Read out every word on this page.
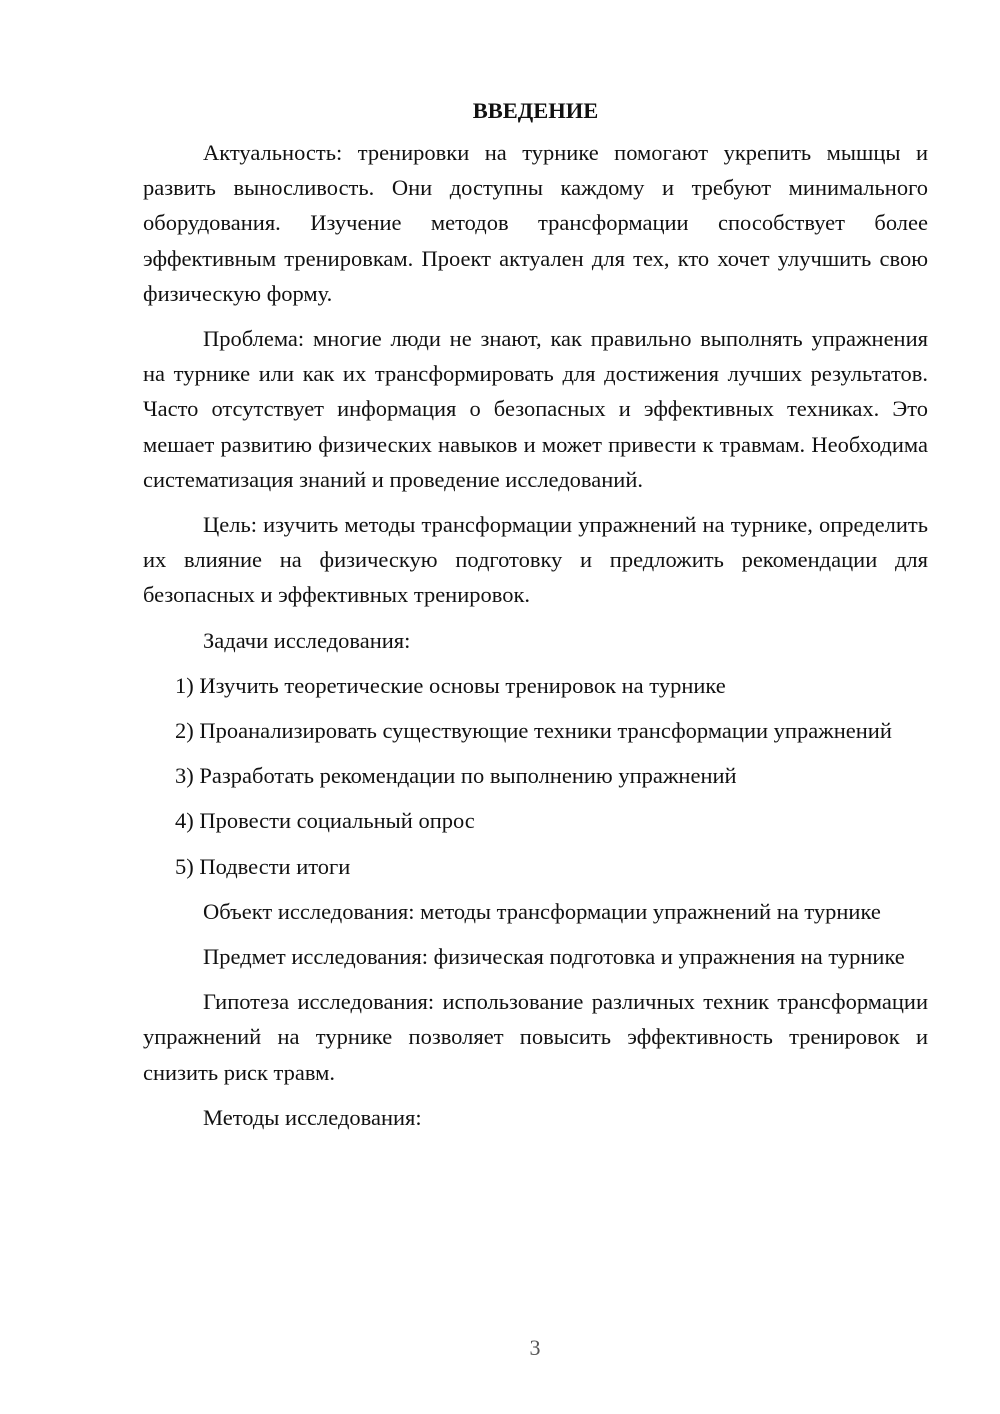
ВВЕДЕНИЕ

Актуальность: тренировки на турнике помогают укрепить мышцы и развить выносливость. Они доступны каждому и требуют минимального оборудования. Изучение методов трансформации способствует более эффективным тренировкам. Проект актуален для тех, кто хочет улучшить свою физическую форму.

Проблема: многие люди не знают, как правильно выполнять упражнения на турнике или как их трансформировать для достижения лучших результатов. Часто отсутствует информация о безопасных и эффективных техниках. Это мешает развитию физических навыков и может привести к травмам. Необходима систематизация знаний и проведение исследований.

Цель: изучить методы трансформации упражнений на турнике, определить их влияние на физическую подготовку и предложить рекомендации для безопасных и эффективных тренировок.

Задачи исследования:

1) Изучить теоретические основы тренировок на турнике

2) Проанализировать существующие техники трансформации упражнений

3) Разработать рекомендации по выполнению упражнений

4) Провести социальный опрос

5) Подвести итоги

Объект исследования: методы трансформации упражнений на турнике

Предмет исследования: физическая подготовка и упражнения на турнике

Гипотеза исследования: использование различных техник трансформации упражнений на турнике позволяет повысить эффективность тренировок и снизить риск травм.

Методы исследования:

3
